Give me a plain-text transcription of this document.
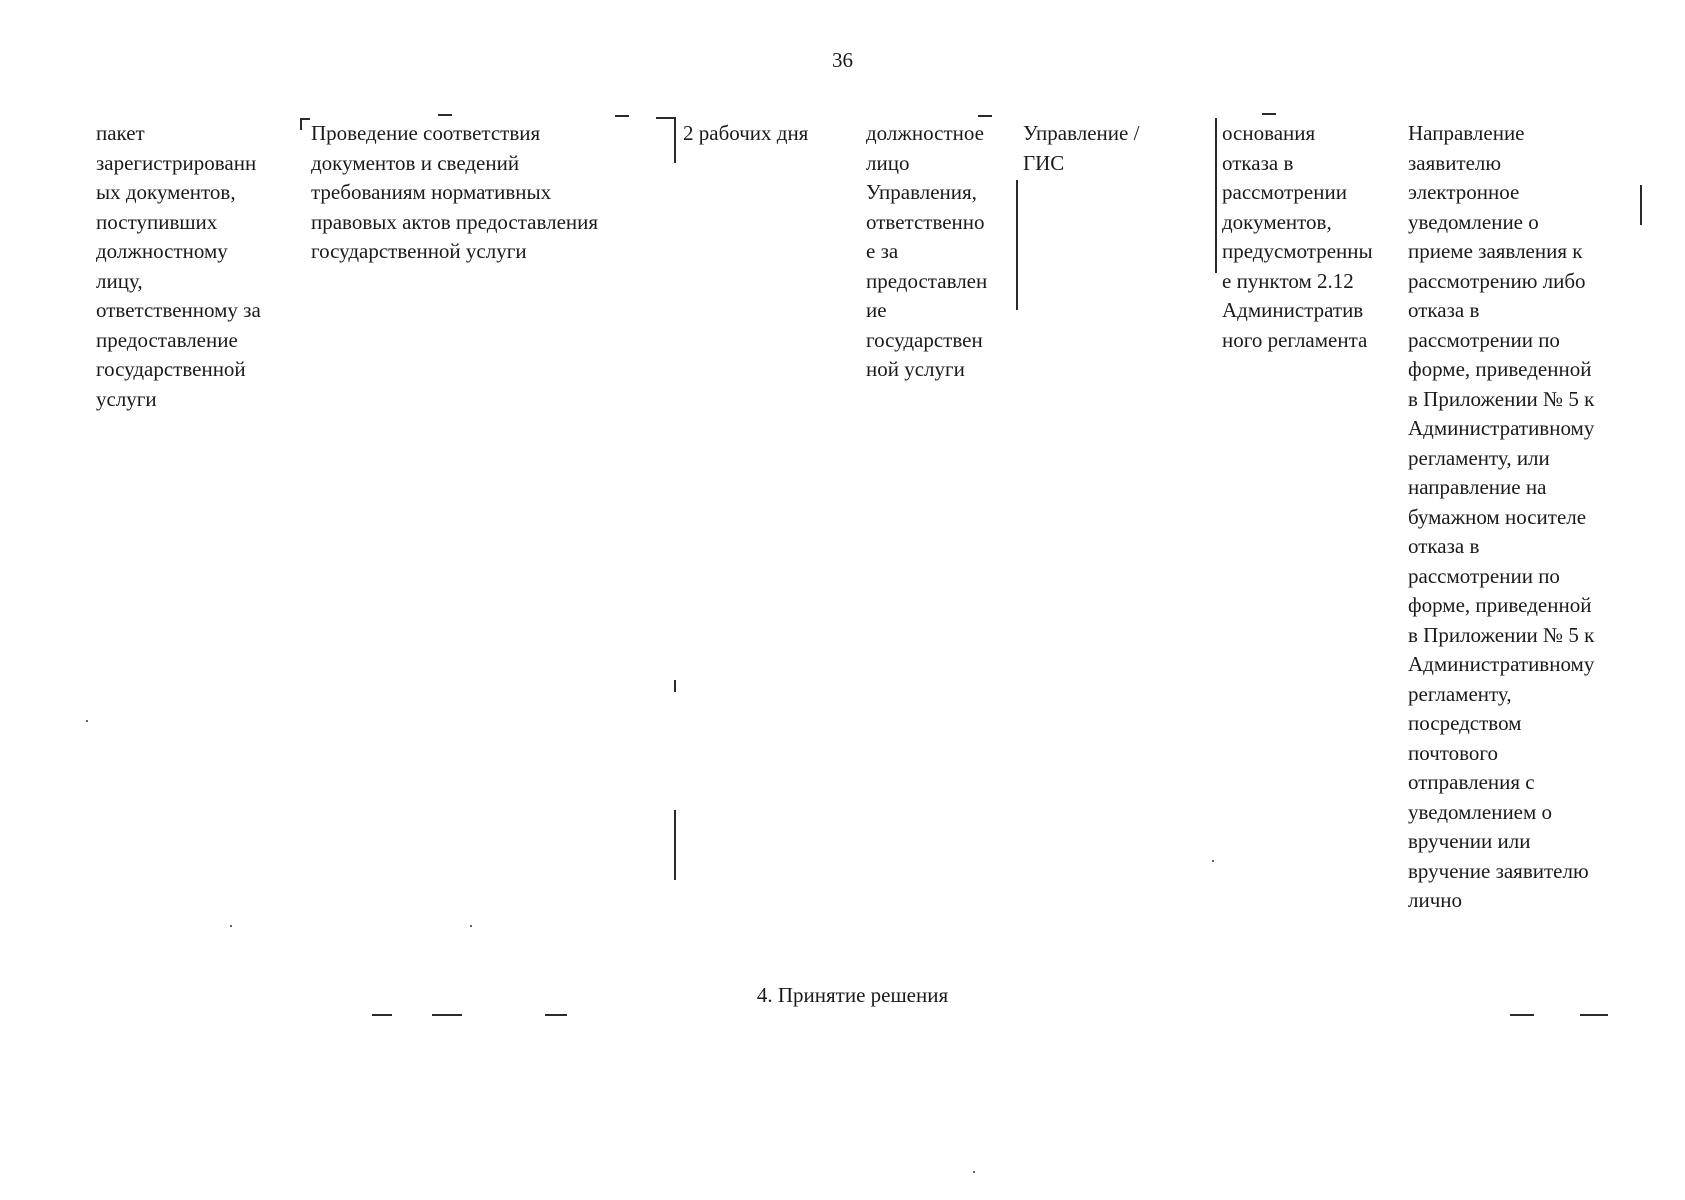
36
пакет
зарегистрированн
ых документов,
поступивших
должностному
лицу,
ответственному за
предоставление
государственной
услуги
Проведение соответствия
документов и сведений
требованиям нормативных
правовых актов предоставления
государственной услуги
2 рабочих дня	должностное
лицо
Управления,
ответственно
е за
предоставлен
ие
государствен
ной услуги
Управление /
ГИС
основания
отказа в
рассмотрении
документов,
предусмотренны
е пунктом 2.12
Административ
ного регламента
Направление
заявителю
электронное
уведомление о
приеме заявления к
рассмотрению либо
отказа в
рассмотрении по
форме, приведенной
в Приложении № 5 к
Административному
регламенту, или
направление на
бумажном носителе
отказа в
рассмотрении по
форме, приведенной
в Приложении № 5 к
Административному
регламенту,
посредством
почтового
отправления с
уведомлением о
вручении или
вручение заявителю
лично
4. Принятие решения
